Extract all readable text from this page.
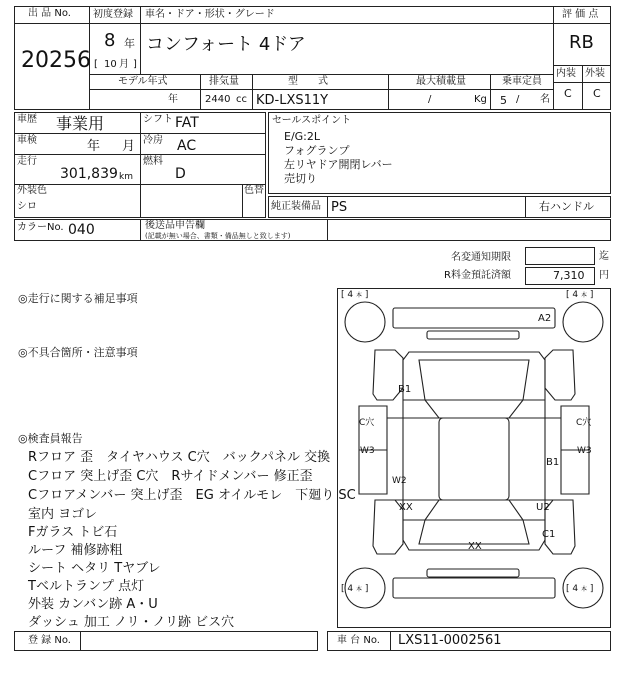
出 品 No.
20256
初度登録
8 年
[ 10 月 ]
車名・ドア・形状・グレード
コンフォート 4ドア
評 価 点
RB
内装 外装
C C
モデル年式
年
排気量
2440 cc
型　　式
KD-LXS11Y
最大積載量
/	Kg
乗車定員
5 / 名
車歴 事業用	シフト FAT
車検	年 月 冷房 AC
走行
301,839 km
燃料
D
外装色
シロ
色替
セールスポイント
E/G:2L
フォグランプ
左リヤドア開閉レバー
売切り
純正装備品 PS	右ハンドル
カラーNo. 040	後送品申告欄
(記載が無い場合、書類・備品無しと致します)
名変通知期限	迄
R料金預託済額	7,310 円
◎走行に関する補足事項
◎不具合箇所・注意事項
◎検査員報告
Rフロア 歪　タイヤハウス C穴　バックパネル 交換
Cフロア 突上げ歪 C穴　Rサイドメンバー 修正歪
Cフロアメンバー 突上げ歪　EG オイルモレ　下廻り SC
室内 ヨゴレ
Fガラス トビ石
ルーフ 補修跡粗
シート ヘタリ Tヤブレ
Tベルトランプ 点灯
外装 カンバン跡 A・U
ダッシュ 加工 ノリ・ノリ跡 ビス穴
[ 4 本 ]	[ 4 本 ]
[ 4 本 ]	[ 4 本 ]
A2
B1
C穴
W3
W2
XX
B1
U2
C1
XX
C穴
W3
登 録 No.	車 台 No. LXS11-0002561
